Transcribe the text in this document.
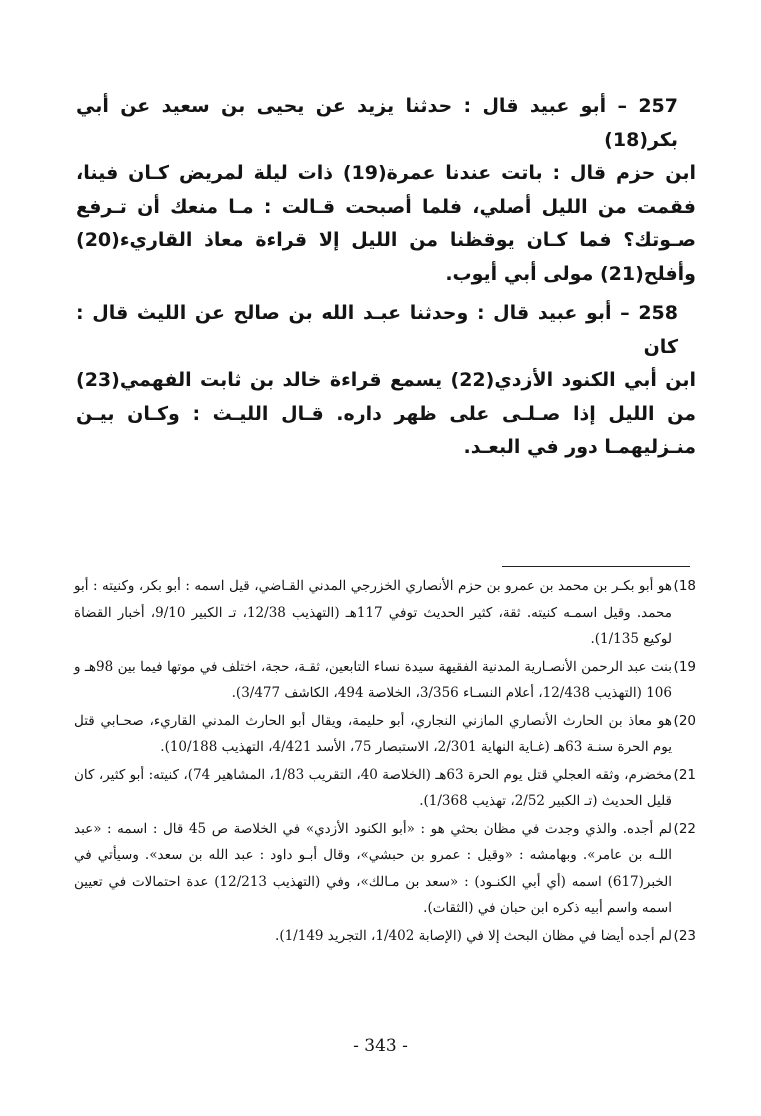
257 – أبو عبيد قال : حدثنا يزيد عن يحيى بن سعيد عن أبي بكر(18)
ابن حزم قال : باتت عندنا عمرة(19) ذات ليلة لمريض كـان فينا، فقمت من الليل أصلي، فلما أصبحت قـالت : مـا منعك أن تـرفع صـوتك؟ فما كـان يوقظنا من الليل إلا قراءة معاذ القاريء(20) وأفلح(21) مولى أبي أيوب.

258 – أبو عبيد قال : وحدثنا عبـد الله بن صالح عن الليث قال : كان
ابن أبي الكنود الأزدي(22) يسمع قراءة خالد بن ثابت الفهمي(23) من الليل إذا صـلـى على ظهر داره. قـال الليـث : وكـان بيـن منـزليهمـا دور في البعـد.

18)
هو أبو بكـر بن محمد بن عمرو بن حزم الأنصاري الخزرجي المدني القـاضي، قيل اسمه : أبو بكر، وكنيته : أبو محمد. وقيل اسمـه كنيته. ثقة، كثير الحديث توفي 117هـ (التهذيب 12/38، تـ الكبير 9/10، أخبار القضاة لوكيع 1/135).

19)
بنت عبد الرحمن الأنصـارية المدنية الفقيهة سيدة نساء التابعين، ثقـة، حجة، اختلف في موتها فيما بين 98هـ و 106 (التهذيب 12/438، أعلام النسـاء 3/356، الخلاصة 494، الكاشف 3/477).

20)
هو معاذ بن الحارث الأنصاري المازني النجاري، أبو حليمة، ويقال أبو الحارث المدني القاريء، صحـابي قتل يوم الحرة سنـة 63هـ (غـاية النهاية 2/301، الاستبصار 75، الأسد 4/421، التهذيب 10/188).

21)
مخضرم، وثقه العجلي قتل يوم الحرة 63هـ (الخلاصة 40، التقريب 1/83، المشاهير 74)، كنيته: أبو كثير، كان قليل الحديث (تـ الكبير 2/52، تهذيب 1/368).

22)
لم أجده. والذي وجدت في مظان بحثي هو : «أبو الكنود الأزدي» في الخلاصة ص 45 قال : اسمه : «عبد اللـه بن عامر». وبهامشه : «وقيل : عمرو بن حبشي»، وقال أبـو داود : عبد الله بن سعد». وسيأتي في الخبر(617) اسمه (أي أبي الكنـود) : «سعد بن مـالك»، وفي (التهذيب 12/213) عدة احتمالات في تعيين اسمه واسم أبيه ذكره ابن حبان في (الثقات).

23)
لم أجده أيضا في مظان البحث إلا في (الإصابة 1/402، التجريد 1/149).

- 343 -
